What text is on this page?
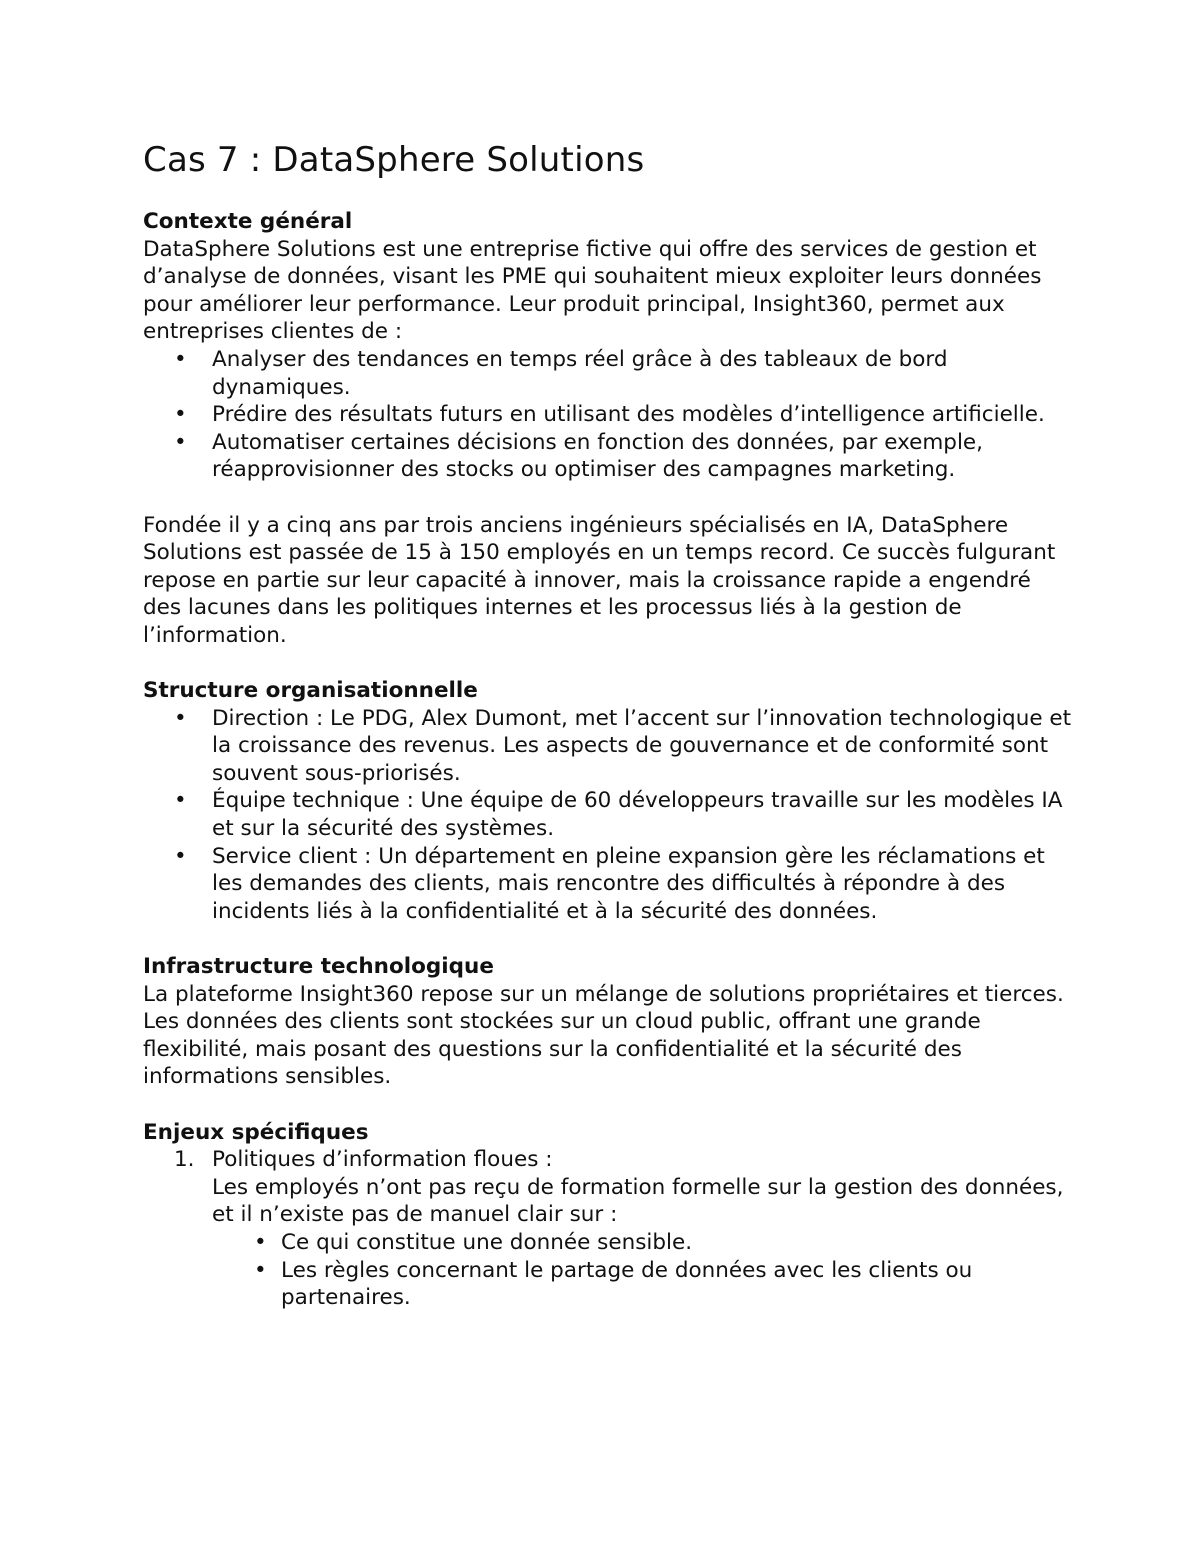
Cas 7 : DataSphere Solutions

Contexte général

DataSphere Solutions est une entreprise fictive qui offre des services de gestion et d’analyse de données, visant les PME qui souhaitent mieux exploiter leurs données pour améliorer leur performance. Leur produit principal, Insight360, permet aux entreprises clientes de :

• Analyser des tendances en temps réel grâce à des tableaux de bord dynamiques.
• Prédire des résultats futurs en utilisant des modèles d’intelligence artificielle.
• Automatiser certaines décisions en fonction des données, par exemple, réapprovisionner des stocks ou optimiser des campagnes marketing.

Fondée il y a cinq ans par trois anciens ingénieurs spécialisés en IA, DataSphere Solutions est passée de 15 à 150 employés en un temps record. Ce succès fulgurant repose en partie sur leur capacité à innover, mais la croissance rapide a engendré des lacunes dans les politiques internes et les processus liés à la gestion de l’information.

Structure organisationnelle

• Direction : Le PDG, Alex Dumont, met l’accent sur l’innovation technologique et la croissance des revenus. Les aspects de gouvernance et de conformité sont souvent sous-priorisés.
• Équipe technique : Une équipe de 60 développeurs travaille sur les modèles IA et sur la sécurité des systèmes.
• Service client : Un département en pleine expansion gère les réclamations et les demandes des clients, mais rencontre des difficultés à répondre à des incidents liés à la confidentialité et à la sécurité des données.

Infrastructure technologique

La plateforme Insight360 repose sur un mélange de solutions propriétaires et tierces. Les données des clients sont stockées sur un cloud public, offrant une grande flexibilité, mais posant des questions sur la confidentialité et la sécurité des informations sensibles.

Enjeux spécifiques

1. Politiques d’information floues :
Les employés n’ont pas reçu de formation formelle sur la gestion des données, et il n’existe pas de manuel clair sur :
• Ce qui constitue une donnée sensible.
• Les règles concernant le partage de données avec les clients ou partenaires.
